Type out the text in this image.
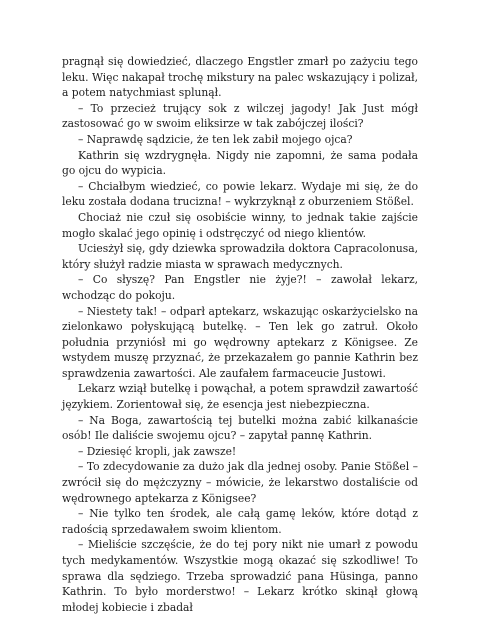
pragnął się dowiedzieć, dlaczego Engstler zmarł po zażyciu tego leku. Więc nakapał trochę mikstury na palec wskazujący i polizał, a potem natychmiast splunął.

– To przecież trujący sok z wilczej jagody! Jak Just mógł zastosować go w swoim eliksirze w tak zabójczej ilości?

– Naprawdę sądzicie, że ten lek zabił mojego ojca?

Kathrin się wzdrygnęła. Nigdy nie zapomni, że sama podała go ojcu do wypicia.

– Chciałbym wiedzieć, co powie lekarz. Wydaje mi się, że do leku została dodana trucizna! – wykrzyknął z oburzeniem Stößel.

Chociaż nie czuł się osobiście winny, to jednak takie zajście mogło skalać jego opinię i odstręczyć od niego klientów.

Uciesżył się, gdy dziewka sprowadziła doktora Capracolonusa, który służył radzie miasta w sprawach medycznych.

– Co słyszę? Pan Engstler nie żyje?! – zawołał lekarz, wchodząc do pokoju.

– Niestety tak! – odparł aptekarz, wskazując oskarżycielsko na zielonkawo połyskującą butelkę. – Ten lek go zatruł. Około południa przyniósł mi go wędrowny aptekarz z Königsee. Ze wstydem muszę przyznać, że przekazałem go pannie Kathrin bez sprawdzenia zawartości. Ale zaufałem farmaceucie Justowi.

Lekarz wziął butelkę i powąchał, a potem sprawdził zawartość językiem. Zorientował się, że esencja jest niebezpieczna.

– Na Boga, zawartością tej butelki można zabić kilkanaście osób! Ile daliście swojemu ojcu? – zapytał pannę Kathrin.

– Dziesięć kropli, jak zawsze!

– To zdecydowanie za dużo jak dla jednej osoby. Panie Stößel – zwrócił się do mężczyzny – mówicie, że lekarstwo dostaliście od wędrownego aptekarza z Königsee?

– Nie tylko ten środek, ale całą gamę leków, które dotąd z radością sprzedawałem swoim klientom.

– Mieliście szczęście, że do tej pory nikt nie umarł z powodu tych medykamentów. Wszystkie mogą okazać się szkodliwe! To sprawa dla sędziego. Trzeba sprowadzić pana Hüsinga, panno Kathrin. To było morderstwo! – Lekarz krótko skinął głową młodej kobiecie i zbadał
